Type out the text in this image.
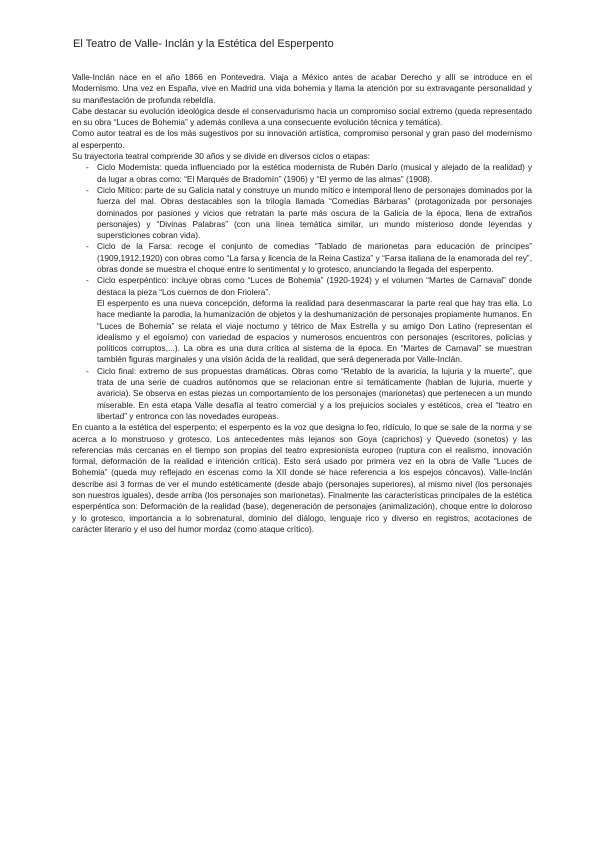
El Teatro de Valle- Inclán y la Estética del Esperpento

Valle-Inclán nace en el año 1866 en Pontevedra. Viaja a México antes de acabar Derecho y allí se introduce en el Modernismo. Una vez en España, vive en Madrid una vida bohemia y llama la atención por su extravagante personalidad y su manifestación de profunda rebeldía.

Cabe destacar su evolución ideológica desde el conservadurismo hacia un compromiso social extremo (queda representado en su obra “Luces de Bohemia” y además conlleva a una consecuente evolución técnica y temática).

Como autor teatral es de los más sugestivos por su innovación artística, compromiso personal y gran paso del modernismo al esperpento.

Su trayectoria teatral comprende 30 años y se divide en diversos ciclos o etapas:

- Ciclo Modernista: queda influenciado por la estética modernista de Rubén Darío (musical y alejado de la realidad) y da lugar a obras como: “El Marqués de Bradomín” (1906) y “El yermo de las almas” (1908).
- Ciclo Mítico: parte de su Galicia natal y construye un mundo mítico e intemporal lleno de personajes dominados por la fuerza del mal. Obras destacables son la trilogía llamada “Comedias Bárbaras” (protagonizada por personajes dominados por pasiones y vicios que retratan la parte más oscura de la Galicia de la época, llena de extraños personajes) y “Divinas Palabras” (con una línea temática similar, un mundo misterioso donde leyendas y supersticiones cobran vida).
- Ciclo de la Farsa: recoge el conjunto de comedias “Tablado de marionetas para educación de príncipes” (1909,1912,1920) con obras como “La farsa y licencia de la Reina Castiza” y “Farsa italiana de la enamorada del rey”, obras donde se muestra el choque entre lo sentimental y lo grotesco, anunciando la llegada del esperpento.
- Ciclo esperpéntico: incluye obras como “Luces de Bohemia” (1920-1924) y el volumen “Martes de Carnaval” donde destaca la pieza “Los cuernos de don Friolera”.

El esperpento es una nueva concepción, deforma la realidad para desenmascarar la parte real que hay tras ella. Lo hace mediante la parodia, la humanización de objetos y la deshumanización de personajes propiamente humanos. En “Luces de Bohemia” se relata el viaje nocturno y tétrico de Max Estrella y su amigo Don Latino (representan el idealismo y el egoísmo) con variedad de espacios y numerosos encuentros con personajes (escritores, policías y políticos corruptos,...). La obra es una dura crítica al sistema de la época. En “Martes de Carnaval” se muestran también figuras marginales y una visión ácida de la realidad, que será degenerada por Valle-Inclán.

- Ciclo final: extremo de sus propuestas dramáticas. Obras como “Retablo de la avaricia, la lujuria y la muerte”, que trata de una serie de cuadros autónomos que se relacionan entre sí temáticamente (hablan de lujuria, muerte y avaricia). Se observa en estas piezas un comportamiento de los personajes (marionetas) que pertenecen a un mundo miserable. En esta etapa Valle desafía al teatro comercial y a los prejuicios sociales y estéticos, crea el “teatro en libertad” y entronca con las novedades europeas.

En cuanto a la estética del esperpento; el esperpento es la voz que designa lo feo, ridículo, lo que se sale de la norma y se acerca a lo monstruoso y grotesco. Los antecedentes más lejanos son Goya (caprichos) y Quevedo (sonetos) y las referencias más cercanas en el tiempo son propias del teatro expresionista europeo (ruptura con el realismo, innovación formal, deformación de la realidad e intención crítica). Esto será usado por primera vez en la obra de Valle “Luces de Bohemia” (queda muy reflejado en escenas como la XII donde se hace referencia a los espejos cóncavos). Valle-Inclán describe así 3 formas de ver el mundo estéticamente (desde abajo (personajes superiores), al mismo nivel (los personajes son nuestros iguales), desde arriba (los personajes son marionetas). Finalmente las características principales de la estética esperpéntica son: Deformación de la realidad (base), degeneración de personajes (animalización), choque entre lo doloroso y lo grotesco, importancia a lo sobrenatural, dominio del diálogo, lenguaje rico y diverso en registros, acotaciones de carácter literario y el uso del humor mordaz (como ataque crítico).
